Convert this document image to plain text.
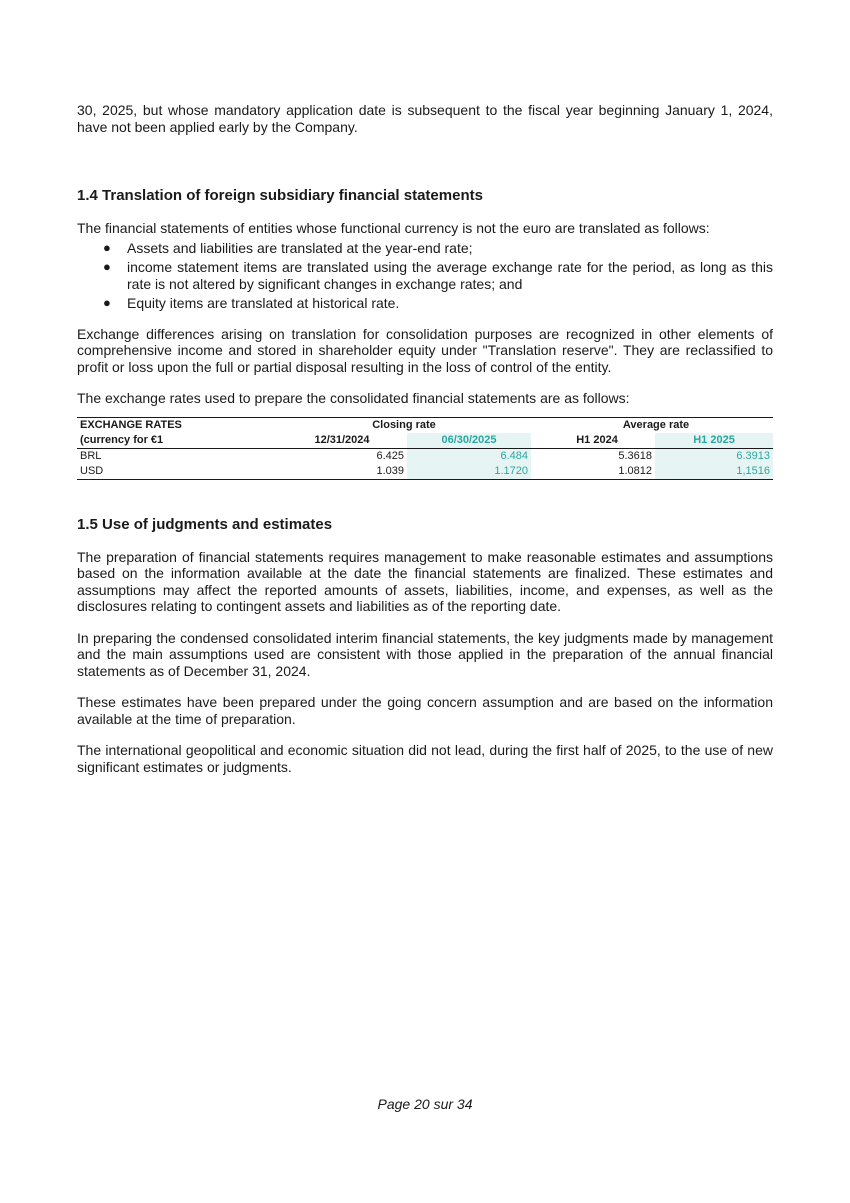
30, 2025, but whose mandatory application date is subsequent to the fiscal year beginning January 1, 2024, have not been applied early by the Company.

1.4 Translation of foreign subsidiary financial statements

The financial statements of entities whose functional currency is not the euro are translated as follows:

● Assets and liabilities are translated at the year-end rate;
● income statement items are translated using the average exchange rate for the period, as long as this rate is not altered by significant changes in exchange rates; and
● Equity items are translated at historical rate.

Exchange differences arising on translation for consolidation purposes are recognized in other elements of comprehensive income and stored in shareholder equity under "Translation reserve". They are reclassified to profit or loss upon the full or partial disposal resulting in the loss of control of the entity.

The exchange rates used to prepare the consolidated financial statements are as follows:

EXCHANGE RATES	Closing rate			Average rate	
(currency for €1	12/31/2024	06/30/2025		H1 2024	H1 2025
BRL	6.425	6.484		5.3618	6.3913
USD	1.039	1.1720		1.0812	1,1516
1.5 Use of judgments and estimates

The preparation of financial statements requires management to make reasonable estimates and assumptions based on the information available at the date the financial statements are finalized. These estimates and assumptions may affect the reported amounts of assets, liabilities, income, and expenses, as well as the disclosures relating to contingent assets and liabilities as of the reporting date.

In preparing the condensed consolidated interim financial statements, the key judgments made by management and the main assumptions used are consistent with those applied in the preparation of the annual financial statements as of December 31, 2024.

These estimates have been prepared under the going concern assumption and are based on the information available at the time of preparation.

The international geopolitical and economic situation did not lead, during the first half of 2025, to the use of new significant estimates or judgments.

Page 20 sur 34
